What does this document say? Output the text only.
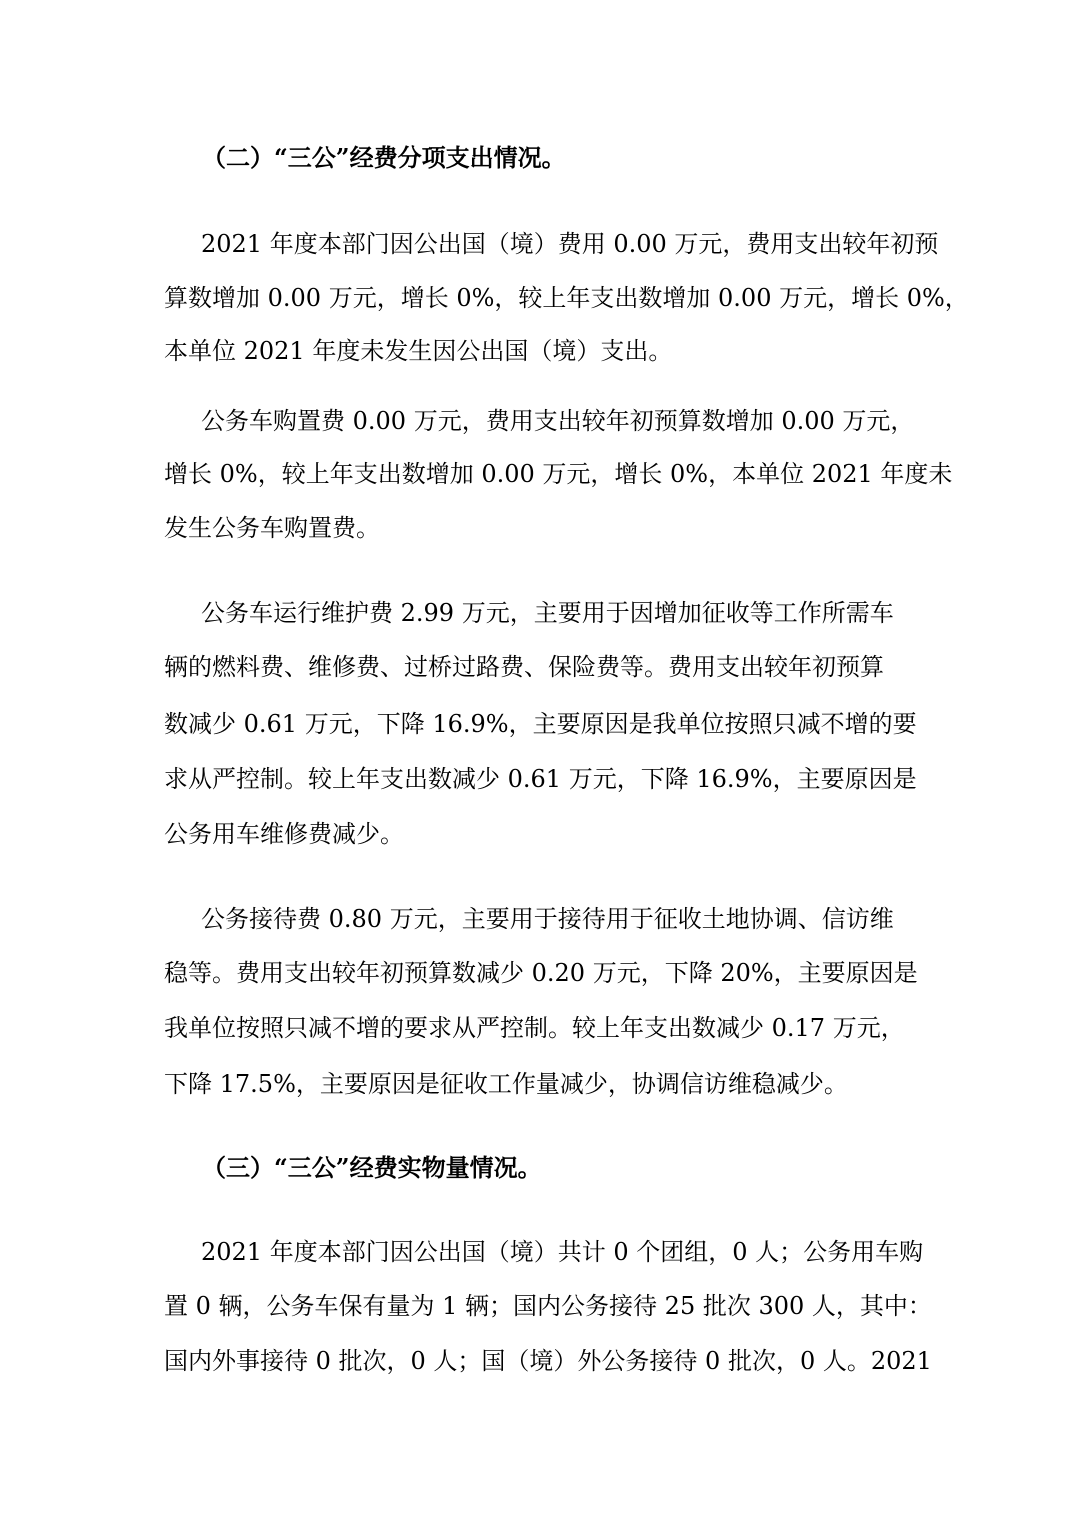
（二）“三公”经费分项支出情况。

2021 年度本部门因公出国（境）费用 0.00 万元，费用支出较年初预

算数增加 0.00 万元，增长 0%，较上年支出数增加 0.00 万元，增长 0%，

本单位 2021 年度未发生因公出国（境）支出。

公务车购置费 0.00 万元，费用支出较年初预算数增加 0.00 万元，

增长 0%，较上年支出数增加 0.00 万元，增长 0%，本单位 2021 年度未

发生公务车购置费。

公务车运行维护费 2.99 万元，主要用于因增加征收等工作所需车

辆的燃料费、维修费、过桥过路费、保险费等。费用支出较年初预算

数减少 0.61 万元，下降 16.9%，主要原因是我单位按照只减不增的要

求从严控制。较上年支出数减少 0.61 万元，下降 16.9%，主要原因是

公务用车维修费减少。

公务接待费 0.80 万元，主要用于接待用于征收土地协调、信访维

稳等。费用支出较年初预算数减少 0.20 万元，下降 20%，主要原因是

我单位按照只减不增的要求从严控制。较上年支出数减少 0.17 万元，

下降 17.5%，主要原因是征收工作量减少，协调信访维稳减少。

（三）“三公”经费实物量情况。

2021 年度本部门因公出国（境）共计 0 个团组，0 人；公务用车购

置 0 辆，公务车保有量为 1 辆；国内公务接待 25 批次 300 人，其中：

国内外事接待 0 批次，0 人；国（境）外公务接待 0 批次，0 人。2021
